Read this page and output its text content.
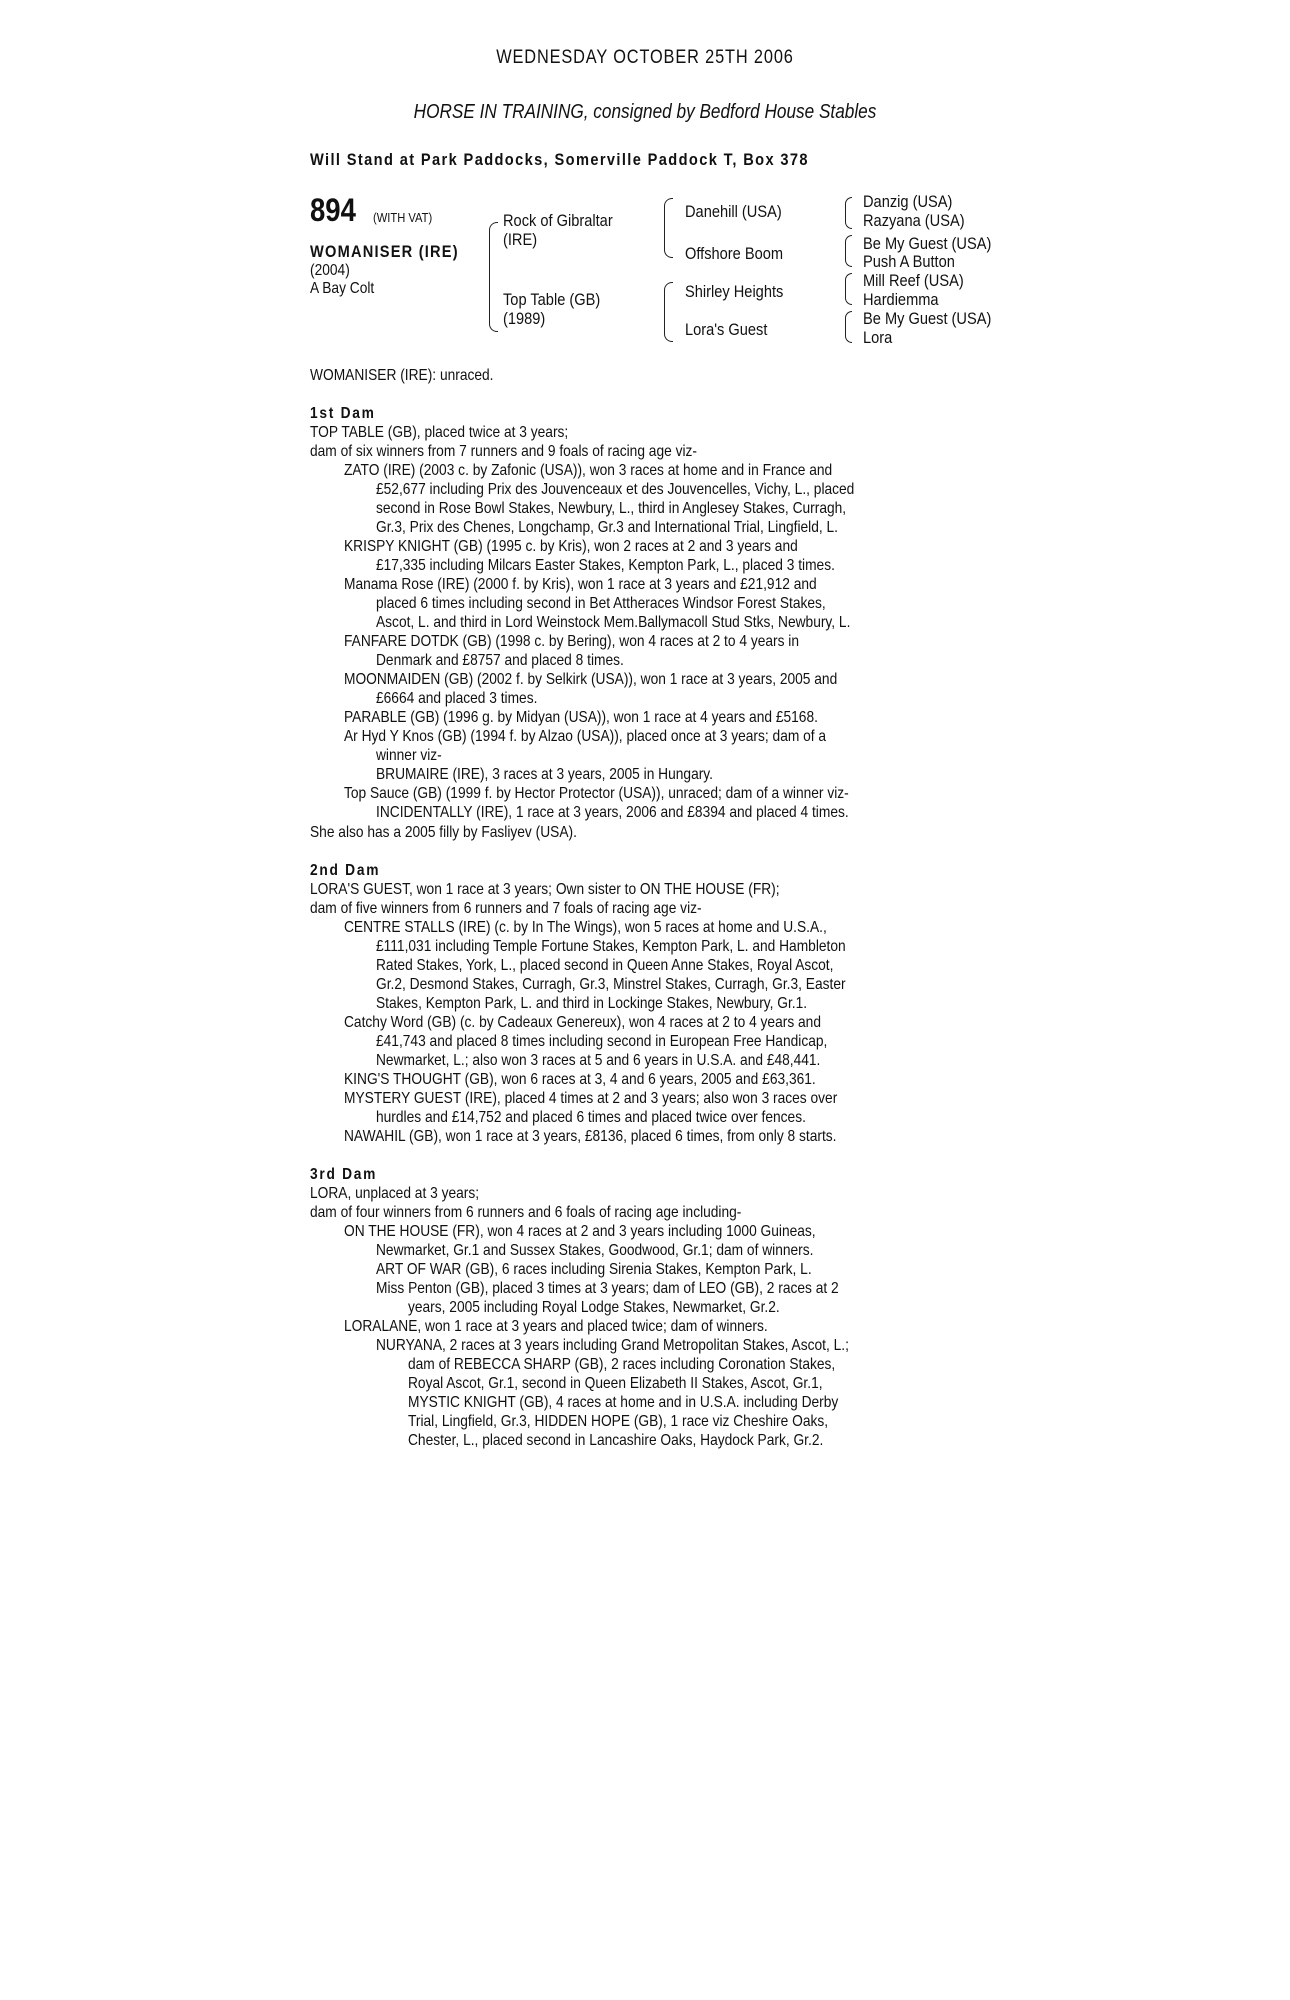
WEDNESDAY OCTOBER 25TH 2006
HORSE IN TRAINING, consigned by Bedford House Stables
Will Stand at Park Paddocks, Somerville Paddock T, Box 378
894 (WITH VAT)
WOMANISER (IRE)
(2004)
A Bay Colt
Rock of Gibraltar
(IRE)
Top Table (GB)
(1989)
Danehill (USA)
Offshore Boom
Shirley Heights
Lora's Guest
Danzig (USA)
Razyana (USA)
Be My Guest (USA)
Push A Button
Mill Reef (USA)
Hardiemma
Be My Guest (USA)
Lora
WOMANISER (IRE): unraced.
1st Dam
TOP TABLE (GB), placed twice at 3 years;
dam of six winners from 7 runners and 9 foals of racing age viz-
ZATO (IRE) (2003 c. by Zafonic (USA)), won 3 races at home and in France and
£52,677 including Prix des Jouvenceaux et des Jouvencelles, Vichy, L., placed
second in Rose Bowl Stakes, Newbury, L., third in Anglesey Stakes, Curragh,
Gr.3, Prix des Chenes, Longchamp, Gr.3 and International Trial, Lingfield, L.
KRISPY KNIGHT (GB) (1995 c. by Kris), won 2 races at 2 and 3 years and
£17,335 including Milcars Easter Stakes, Kempton Park, L., placed 3 times.
Manama Rose (IRE) (2000 f. by Kris), won 1 race at 3 years and £21,912 and
placed 6 times including second in Bet Attheraces Windsor Forest Stakes,
Ascot, L. and third in Lord Weinstock Mem.Ballymacoll Stud Stks, Newbury, L.
FANFARE DOTDK (GB) (1998 c. by Bering), won 4 races at 2 to 4 years in
Denmark and £8757 and placed 8 times.
MOONMAIDEN (GB) (2002 f. by Selkirk (USA)), won 1 race at 3 years, 2005 and
£6664 and placed 3 times.
PARABLE (GB) (1996 g. by Midyan (USA)), won 1 race at 4 years and £5168.
Ar Hyd Y Knos (GB) (1994 f. by Alzao (USA)), placed once at 3 years; dam of a
winner viz-
BRUMAIRE (IRE), 3 races at 3 years, 2005 in Hungary.
Top Sauce (GB) (1999 f. by Hector Protector (USA)), unraced; dam of a winner viz-
INCIDENTALLY (IRE), 1 race at 3 years, 2006 and £8394 and placed 4 times.
She also has a 2005 filly by Fasliyev (USA).
2nd Dam
LORA'S GUEST, won 1 race at 3 years; Own sister to ON THE HOUSE (FR);
dam of five winners from 6 runners and 7 foals of racing age viz-
CENTRE STALLS (IRE) (c. by In The Wings), won 5 races at home and U.S.A.,
£111,031 including Temple Fortune Stakes, Kempton Park, L. and Hambleton
Rated Stakes, York, L., placed second in Queen Anne Stakes, Royal Ascot,
Gr.2, Desmond Stakes, Curragh, Gr.3, Minstrel Stakes, Curragh, Gr.3, Easter
Stakes, Kempton Park, L. and third in Lockinge Stakes, Newbury, Gr.1.
Catchy Word (GB) (c. by Cadeaux Genereux), won 4 races at 2 to 4 years and
£41,743 and placed 8 times including second in European Free Handicap,
Newmarket, L.; also won 3 races at 5 and 6 years in U.S.A. and £48,441.
KING'S THOUGHT (GB), won 6 races at 3, 4 and 6 years, 2005 and £63,361.
MYSTERY GUEST (IRE), placed 4 times at 2 and 3 years; also won 3 races over
hurdles and £14,752 and placed 6 times and placed twice over fences.
NAWAHIL (GB), won 1 race at 3 years, £8136, placed 6 times, from only 8 starts.
3rd Dam
LORA, unplaced at 3 years;
dam of four winners from 6 runners and 6 foals of racing age including-
ON THE HOUSE (FR), won 4 races at 2 and 3 years including 1000 Guineas,
Newmarket, Gr.1 and Sussex Stakes, Goodwood, Gr.1; dam of winners.
ART OF WAR (GB), 6 races including Sirenia Stakes, Kempton Park, L.
Miss Penton (GB), placed 3 times at 3 years; dam of LEO (GB), 2 races at 2
years, 2005 including Royal Lodge Stakes, Newmarket, Gr.2.
LORALANE, won 1 race at 3 years and placed twice; dam of winners.
NURYANA, 2 races at 3 years including Grand Metropolitan Stakes, Ascot, L.;
dam of REBECCA SHARP (GB), 2 races including Coronation Stakes,
Royal Ascot, Gr.1, second in Queen Elizabeth II Stakes, Ascot, Gr.1,
MYSTIC KNIGHT (GB), 4 races at home and in U.S.A. including Derby
Trial, Lingfield, Gr.3, HIDDEN HOPE (GB), 1 race viz Cheshire Oaks,
Chester, L., placed second in Lancashire Oaks, Haydock Park, Gr.2.
